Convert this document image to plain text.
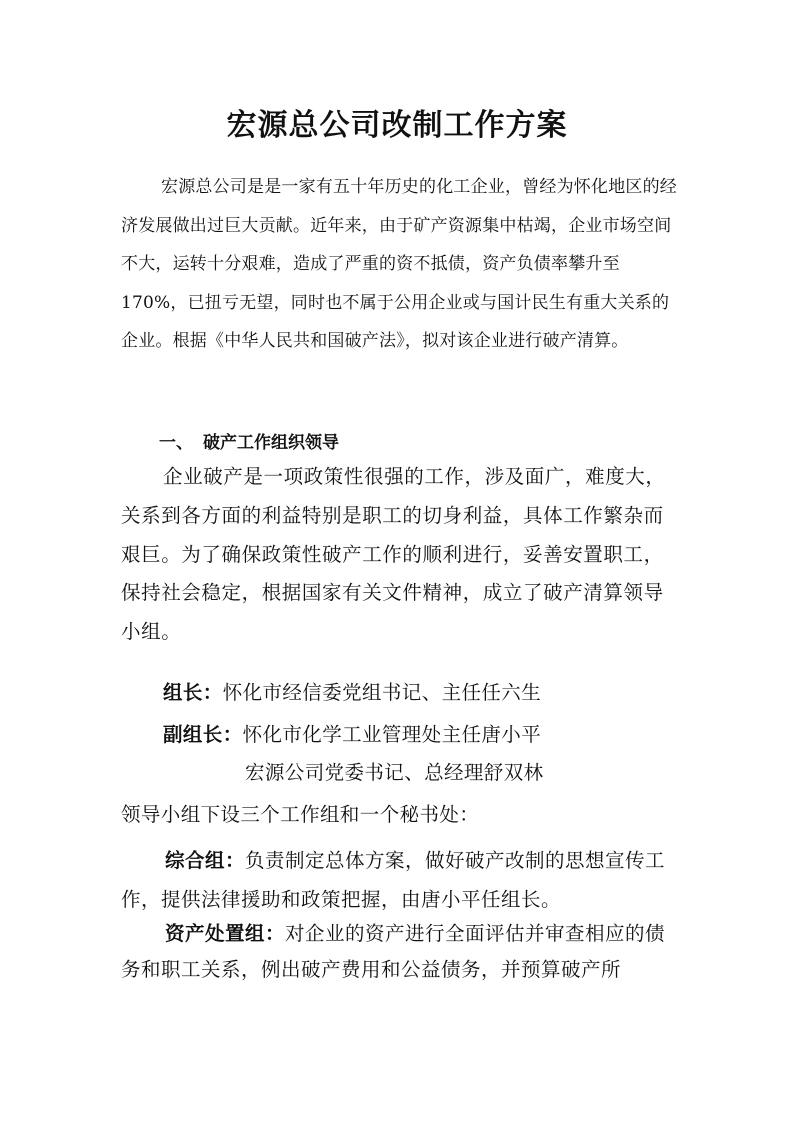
宏源总公司改制工作方案

宏源总公司是是一家有五十年历史的化工企业，曾经为怀化地区的经济发展做出过巨大贡献。近年来，由于矿产资源集中枯竭，企业市场空间不大，运转十分艰难，造成了严重的资不抵债，资产负债率攀升至 170%，已扭亏无望，同时也不属于公用企业或与国计民生有重大关系的企业。根据《中华人民共和国破产法》，拟对该企业进行破产清算。

一、 破产工作组织领导

企业破产是一项政策性很强的工作，涉及面广，难度大，关系到各方面的利益特别是职工的切身利益，具体工作繁杂而艰巨。为了确保政策性破产工作的顺利进行，妥善安置职工，保持社会稳定，根据国家有关文件精神，成立了破产清算领导小组。

组长：怀化市经信委党组书记、主任任六生
副组长：怀化市化学工业管理处主任唐小平
宏源公司党委书记、总经理舒双林
领导小组下设三个工作组和一个秘书处：

综合组：负责制定总体方案，做好破产改制的思想宣传工作，提供法律援助和政策把握，由唐小平任组长。

资产处置组：对企业的资产进行全面评估并审查相应的债务和职工关系，例出破产费用和公益债务，并预算破产所
